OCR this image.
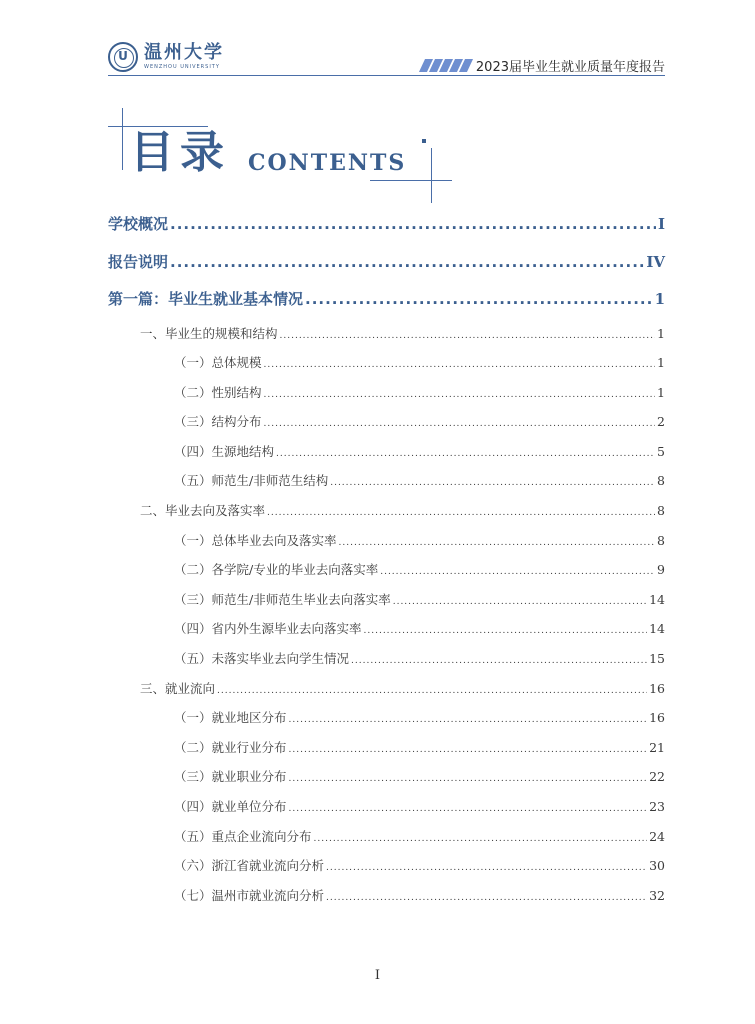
U
温州大学
WENZHOU UNIVERSITY	2023届毕业生就业质量年度报告
目录 CONTENTS
学校概况 .....	I
报告说明 .....	IV
第一篇：毕业生就业基本情况 .....	1
一、毕业生的规模和结构 .....	1
（一）总体规模 .....	1
（二）性别结构 .....	1
（三）结构分布 .....	2
（四）生源地结构 .....	5
（五）师范生/非师范生结构 .....	8
二、毕业去向及落实率 .....	8
（一）总体毕业去向及落实率 .....	8
（二）各学院/专业的毕业去向落实率 .....	9
（三）师范生/非师范生毕业去向落实率 .....	14
（四）省内外生源毕业去向落实率 .....	14
（五）未落实毕业去向学生情况 .....	15
三、就业流向 .....	16
（一）就业地区分布 .....	16
（二）就业行业分布 .....	21
（三）就业职业分布 .....	22
（四）就业单位分布 .....	23
（五）重点企业流向分布 .....	24
（六）浙江省就业流向分析 .....	30
（七）温州市就业流向分析 .....	32
I
